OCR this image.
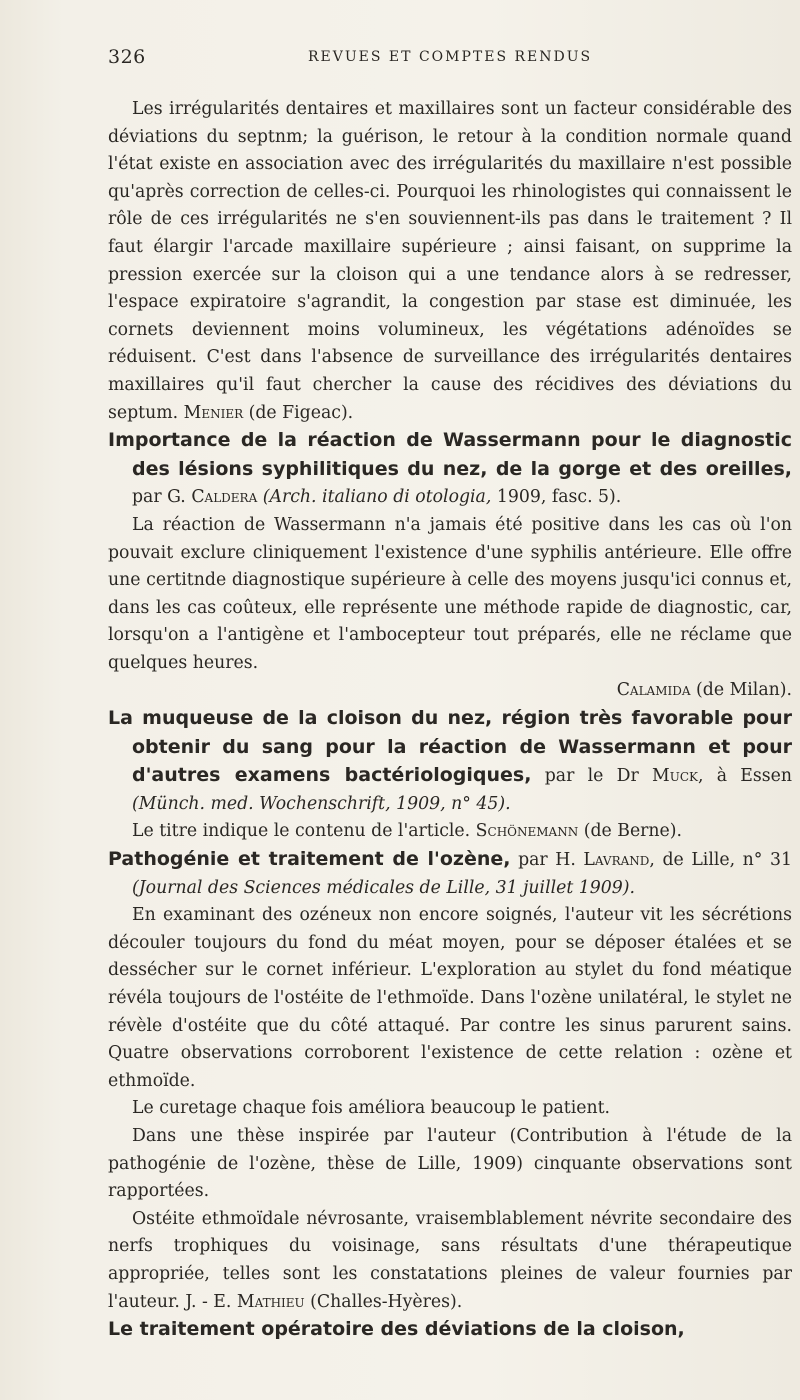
326	REVUES ET COMPTES RENDUS

Les irrégularités dentaires et maxillaires sont un facteur considérable des déviations du septnm; la guérison, le retour à la condition normale quand l'état existe en association avec des irrégularités du maxillaire n'est possible qu'après correction de celles-ci. Pourquoi les rhinologistes qui connaissent le rôle de ces irrégularités ne s'en souviennent-ils pas dans le traitement ? Il faut élargir l'arcade maxillaire supérieure ; ainsi faisant, on supprime la pression exercée sur la cloison qui a une tendance alors à se redresser, l'espace expiratoire s'agrandit, la congestion par stase est diminuée, les cornets deviennent moins volumineux, les végétations adénoïdes se réduisent. C'est dans l'absence de surveillance des irrégularités dentaires maxillaires qu'il faut chercher la cause des récidives des déviations du septum. Menier (de Figeac).

Importance de la réaction de Wassermann pour le diagnostic des lésions syphilitiques du nez, de la gorge et des oreilles, par G. Caldera (Arch. italiano di otologia, 1909, fasc. 5).

La réaction de Wassermann n'a jamais été positive dans les cas où l'on pouvait exclure cliniquement l'existence d'une syphilis antérieure. Elle offre une certitnde diagnostique supérieure à celle des moyens jusqu'ici connus et, dans les cas coûteux, elle représente une méthode rapide de diagnostic, car, lorsqu'on a l'antigène et l'ambocepteur tout préparés, elle ne réclame que quelques heures.

Calamida (de Milan).

La muqueuse de la cloison du nez, région très favorable pour obtenir du sang pour la réaction de Wassermann et pour d'autres examens bactériologiques, par le Dr Muck, à Essen (Münch. med. Wochenschrift, 1909, n° 45).

Le titre indique le contenu de l'article. Schönemann (de Berne).

Pathogénie et traitement de l'ozène, par H. Lavrand, de Lille, n° 31 (Journal des Sciences médicales de Lille, 31 juillet 1909).

En examinant des ozéneux non encore soignés, l'auteur vit les sécrétions découler toujours du fond du méat moyen, pour se déposer étalées et se dessécher sur le cornet inférieur. L'exploration au stylet du fond méatique révéla toujours de l'ostéite de l'ethmoïde. Dans l'ozène unilatéral, le stylet ne révèle d'ostéite que du côté attaqué. Par contre les sinus parurent sains. Quatre observations corroborent l'existence de cette relation : ozène et ethmoïde.

Le curetage chaque fois améliora beaucoup le patient.

Dans une thèse inspirée par l'auteur (Contribution à l'étude de la pathogénie de l'ozène, thèse de Lille, 1909) cinquante observations sont rapportées.

Ostéite ethmoïdale névrosante, vraisemblablement névrite secondaire des nerfs trophiques du voisinage, sans résultats d'une thérapeutique appropriée, telles sont les constatations pleines de valeur fournies par l'auteur. J. - E. Mathieu (Challes-Hyères).

Le traitement opératoire des déviations de la cloison,
